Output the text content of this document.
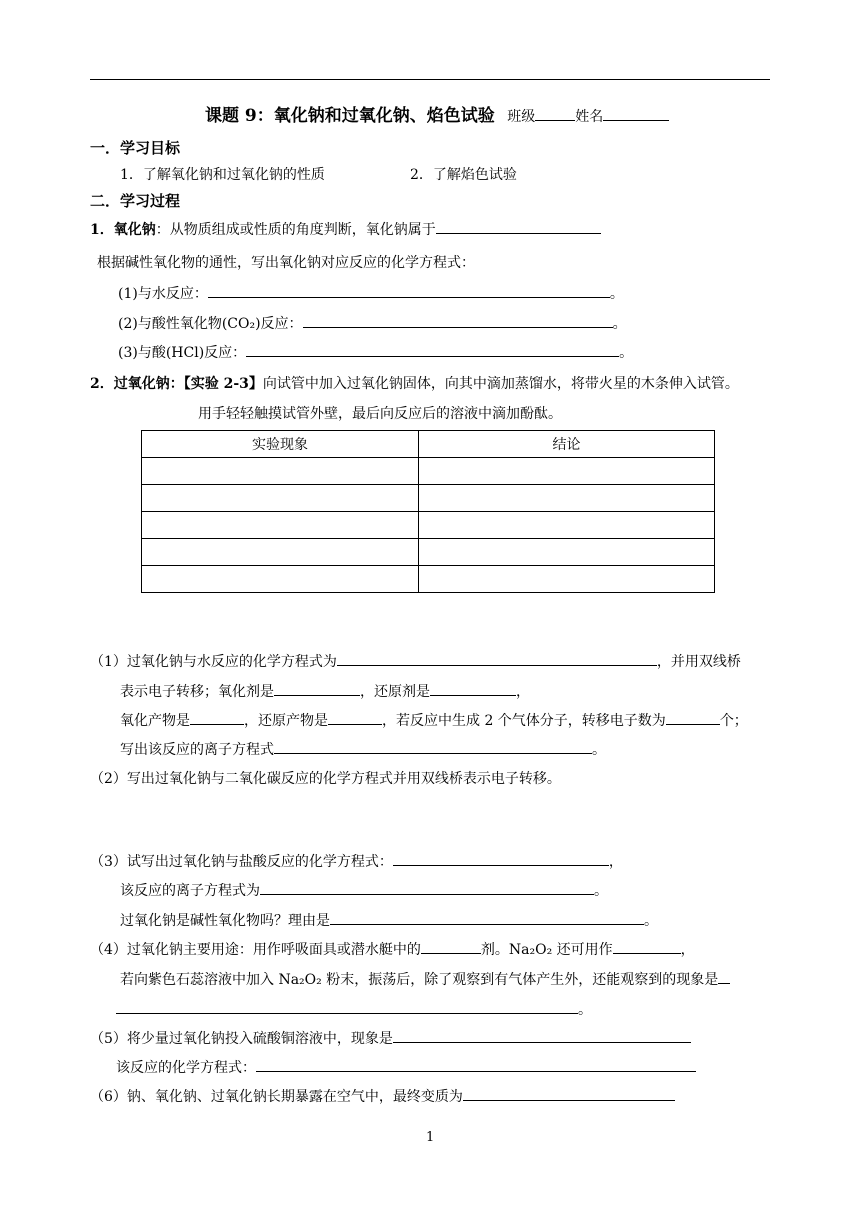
课题 9：氧化钠和过氧化钠、焰色试验 班级	姓名
一．学习目标
1．了解氧化钠和过氧化钠的性质	2．了解焰色试验
二．学习过程
1．氧化钠：从物质组成或性质的角度判断，氧化钠属于
根据碱性氧化物的通性，写出氧化钠对应反应的化学方程式：
(1)与水反应：	。
(2)与酸性氧化物(CO₂)反应：	。
(3)与酸(HCl)反应：	。
2．过氧化钠：【实验 2-3】向试管中加入过氧化钠固体，向其中滴加蒸馏水，将带火星的木条伸入试管。
用手轻轻触摸试管外壁，最后向反应后的溶液中滴加酚酞。
实验现象	结论

（1）过氧化钠与水反应的化学方程式为	，并用双线桥
表示电子转移；氧化剂是	，还原剂是	，
氧化产物是	，还原产物是	，若反应中生成 2 个气体分子，转移电子数为	个；
写出该反应的离子方程式	。
（2）写出过氧化钠与二氧化碳反应的化学方程式并用双线桥表示电子转移。
（3）试写出过氧化钠与盐酸反应的化学方程式：	，
该反应的离子方程式为	。
过氧化钠是碱性氧化物吗？理由是	。
（4）过氧化钠主要用途：用作呼吸面具或潜水艇中的	剂。Na₂O₂ 还可用作	，
若向紫色石蕊溶液中加入 Na₂O₂ 粉末，振荡后，除了观察到有气体产生外，还能观察到的现象是
。
（5）将少量过氧化钠投入硫酸铜溶液中，现象是
该反应的化学方程式：
（6）钠、氧化钠、过氧化钠长期暴露在空气中，最终变质为
1
